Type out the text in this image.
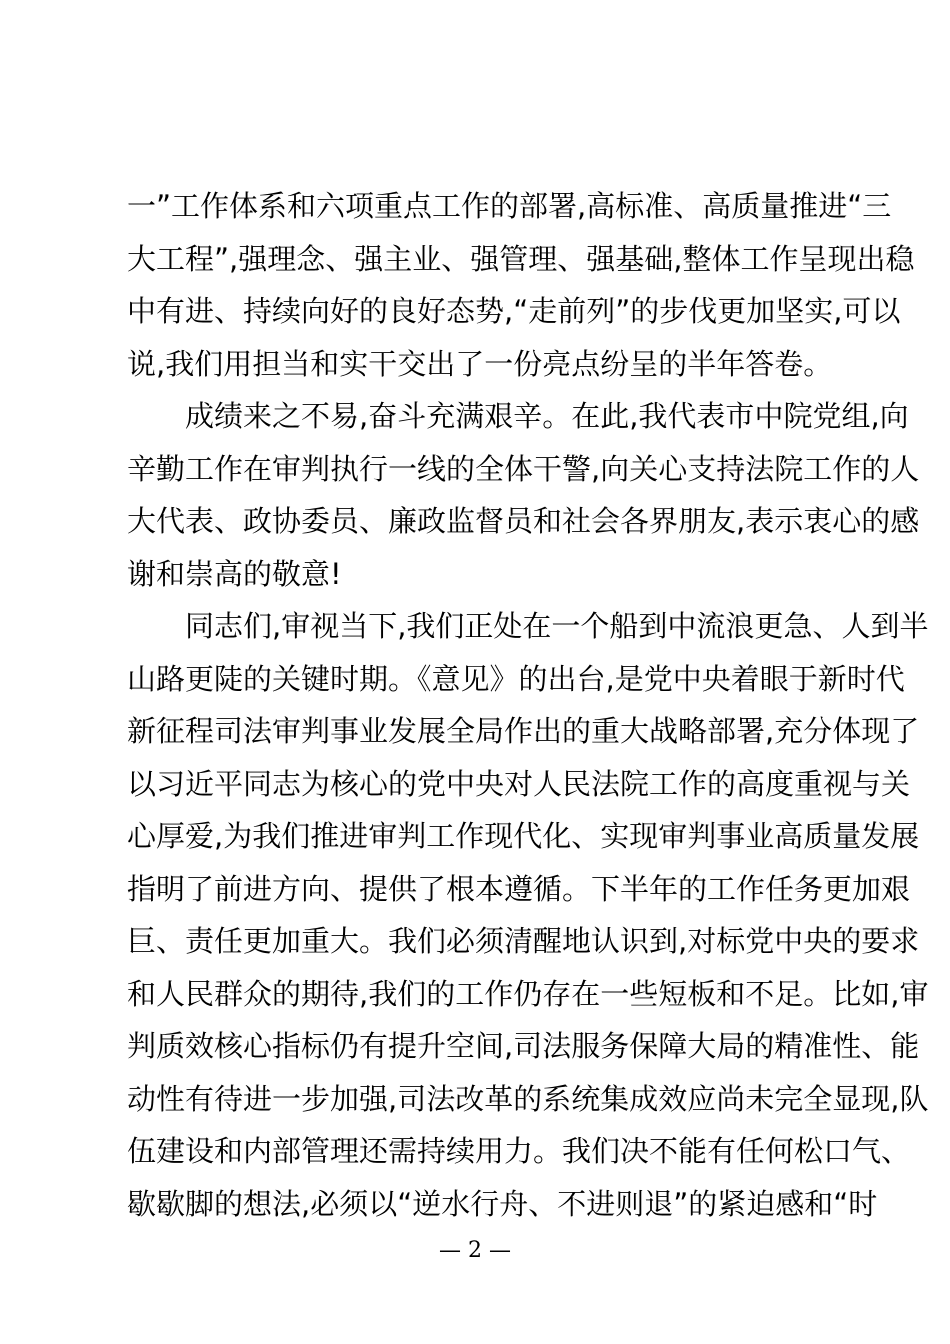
一”工作体系和六项重点工作的部署,高标准、高质量推进“三
大工程”,强理念、强主业、强管理、强基础,整体工作呈现出稳
中有进、持续向好的良好态势,“走前列”的步伐更加坚实,可以
说,我们用担当和实干交出了一份亮点纷呈的半年答卷。
　　成绩来之不易,奋斗充满艰辛。在此,我代表市中院党组,向
辛勤工作在审判执行一线的全体干警,向关心支持法院工作的人
大代表、政协委员、廉政监督员和社会各界朋友,表示衷心的感
谢和崇高的敬意!
　　同志们,审视当下,我们正处在一个船到中流浪更急、人到半
山路更陡的关键时期。《意见》的出台,是党中央着眼于新时代
新征程司法审判事业发展全局作出的重大战略部署,充分体现了
以习近平同志为核心的党中央对人民法院工作的高度重视与关
心厚爱,为我们推进审判工作现代化、实现审判事业高质量发展
指明了前进方向、提供了根本遵循。下半年的工作任务更加艰
巨、责任更加重大。我们必须清醒地认识到,对标党中央的要求
和人民群众的期待,我们的工作仍存在一些短板和不足。比如,审
判质效核心指标仍有提升空间,司法服务保障大局的精准性、能
动性有待进一步加强,司法改革的系统集成效应尚未完全显现,队
伍建设和内部管理还需持续用力。我们决不能有任何松口气、
歇歇脚的想法,必须以“逆水行舟、不进则退”的紧迫感和“时
— 2 —
